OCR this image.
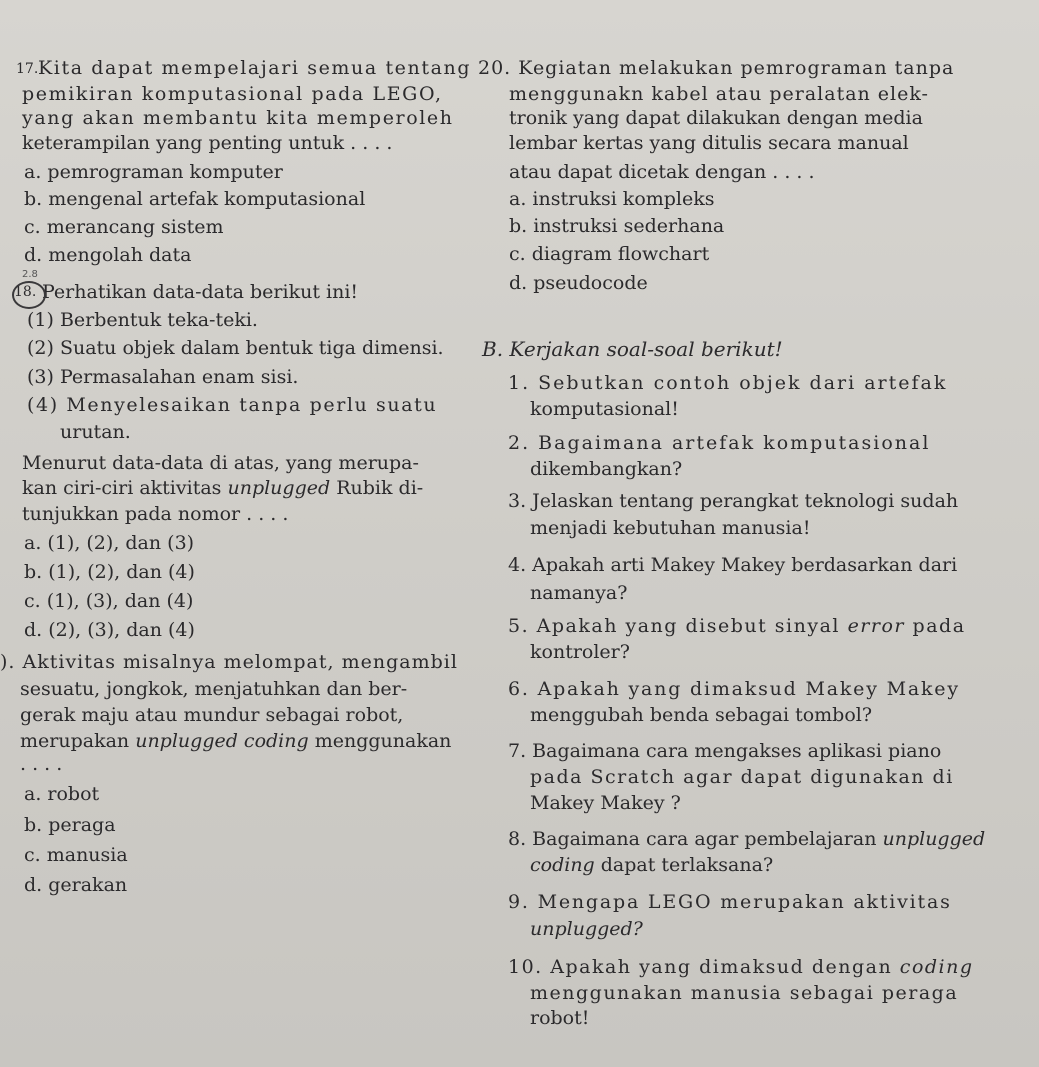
17. Kita dapat mempelajari semua tentang
pemikiran komputasional pada LEGO,
yang akan membantu kita memperoleh
keterampilan yang penting untuk . . . .
a. pemrograman komputer
b. mengenal artefak komputasional
c. merancang sistem
d. mengolah data
2.8
18. Perhatikan data-data berikut ini!
(1) Berbentuk teka-teki.
(2) Suatu objek dalam bentuk tiga dimensi.
(3) Permasalahan enam sisi.
(4) Menyelesaikan tanpa perlu suatu
urutan.
Menurut data-data di atas, yang merupa-
kan ciri-ciri aktivitas unplugged Rubik di-
tunjukkan pada nomor . . . .
a. (1), (2), dan (3)
b. (1), (2), dan (4)
c. (1), (3), dan (4)
d. (2), (3), dan (4)
). Aktivitas misalnya melompat, mengambil
sesuatu, jongkok, menjatuhkan dan ber-
gerak maju atau mundur sebagai robot,
merupakan unplugged coding menggunakan
. . . .
a. robot
b. peraga
c. manusia
d. gerakan
20. Kegiatan melakukan pemrograman tanpa
menggunakn kabel atau peralatan elek-
tronik yang dapat dilakukan dengan media
lembar kertas yang ditulis secara manual
atau dapat dicetak dengan . . . .
a. instruksi kompleks
b. instruksi sederhana
c. diagram flowchart
d. pseudocode
B. Kerjakan soal-soal berikut!
1. Sebutkan contoh objek dari artefak
komputasional!
2. Bagaimana artefak komputasional
dikembangkan?
3. Jelaskan tentang perangkat teknologi sudah
menjadi kebutuhan manusia!
4. Apakah arti Makey Makey berdasarkan dari
namanya?
5. Apakah yang disebut sinyal error pada
kontroler?
6. Apakah yang dimaksud Makey Makey
menggubah benda sebagai tombol?
7. Bagaimana cara mengakses aplikasi piano
pada Scratch agar dapat digunakan di
Makey Makey ?
8. Bagaimana cara agar pembelajaran unplugged
coding dapat terlaksana?
9. Mengapa LEGO merupakan aktivitas
unplugged?
10. Apakah yang dimaksud dengan coding
menggunakan manusia sebagai peraga
robot!
